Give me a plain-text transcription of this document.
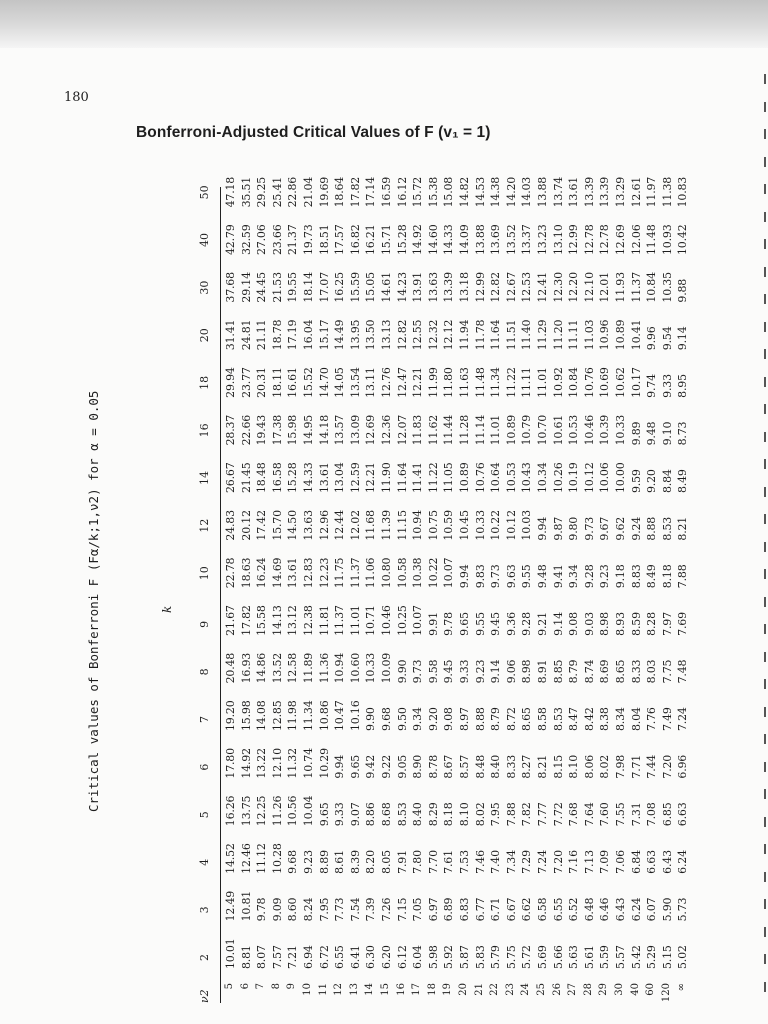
180
Bonferroni-Adjusted Critical Values of F (v₁ = 1)
Critical values of Bonferroni F (Fα/k;1,ν2) for α = 0.05	k
ν2
2
3
4
5
6
7
8
9
10
12
14
16
18
20
30
40
50
5
10.01
12.49
14.52
16.26
17.80
19.20
20.48
21.67
22.78
24.83
26.67
28.37
29.94
31.41
37.68
42.79
47.18
6
8.81
10.81
12.46
13.75
14.92
15.98
16.93
17.82
18.63
20.12
21.45
22.66
23.77
24.81
29.14
32.59
35.51
7
8.07
9.78
11.12
12.25
13.22
14.08
14.86
15.58
16.24
17.42
18.48
19.43
20.31
21.11
24.45
27.06
29.25
8
7.57
9.09
10.28
11.26
12.10
12.85
13.52
14.13
14.69
15.70
16.58
17.38
18.11
18.78
21.53
23.66
25.41
9
7.21
8.60
9.68
10.56
11.32
11.98
12.58
13.12
13.61
14.50
15.28
15.98
16.61
17.19
19.55
21.37
22.86
10
6.94
8.24
9.23
10.04
10.74
11.34
11.89
12.38
12.83
13.63
14.33
14.95
15.52
16.04
18.14
19.73
21.04
11
6.72
7.95
8.89
9.65
10.29
10.86
11.36
11.81
12.23
12.96
13.61
14.18
14.70
15.17
17.07
18.51
19.69
12
6.55
7.73
8.61
9.33
9.94
10.47
10.94
11.37
11.75
12.44
13.04
13.57
14.05
14.49
16.25
17.57
18.64
13
6.41
7.54
8.39
9.07
9.65
10.16
10.60
11.01
11.37
12.02
12.59
13.09
13.54
13.95
15.59
16.82
17.82
14
6.30
7.39
8.20
8.86
9.42
9.90
10.33
10.71
11.06
11.68
12.21
12.69
13.11
13.50
15.05
16.21
17.14
15
6.20
7.26
8.05
8.68
9.22
9.68
10.09
10.46
10.80
11.39
11.90
12.36
12.76
13.13
14.61
15.71
16.59
16
6.12
7.15
7.91
8.53
9.05
9.50
9.90
10.25
10.58
11.15
11.64
12.07
12.47
12.82
14.23
15.28
16.12
17
6.04
7.05
7.80
8.40
8.90
9.34
9.73
10.07
10.38
10.94
11.41
11.83
12.21
12.55
13.91
14.92
15.72
18
5.98
6.97
7.70
8.29
8.78
9.20
9.58
9.91
10.22
10.75
11.22
11.62
11.99
12.32
13.63
14.60
15.38
19
5.92
6.89
7.61
8.18
8.67
9.08
9.45
9.78
10.07
10.59
11.05
11.44
11.80
12.12
13.39
14.33
15.08
20
5.87
6.83
7.53
8.10
8.57
8.97
9.33
9.65
9.94
10.45
10.89
11.28
11.63
11.94
13.18
14.09
14.82
21
5.83
6.77
7.46
8.02
8.48
8.88
9.23
9.55
9.83
10.33
10.76
11.14
11.48
11.78
12.99
13.88
14.53
22
5.79
6.71
7.40
7.95
8.40
8.79
9.14
9.45
9.73
10.22
10.64
11.01
11.34
11.64
12.82
13.69
14.38
23
5.75
6.67
7.34
7.88
8.33
8.72
9.06
9.36
9.63
10.12
10.53
10.89
11.22
11.51
12.67
13.52
14.20
24
5.72
6.62
7.29
7.82
8.27
8.65
8.98
9.28
9.55
10.03
10.43
10.79
11.11
11.40
12.53
13.37
14.03
25
5.69
6.58
7.24
7.77
8.21
8.58
8.91
9.21
9.48
9.94
10.34
10.70
11.01
11.29
12.41
13.23
13.88
26
5.66
6.55
7.20
7.72
8.15
8.53
8.85
9.14
9.41
9.87
10.26
10.61
10.92
11.20
12.30
13.10
13.74
27
5.63
6.52
7.16
7.68
8.10
8.47
8.79
9.08
9.34
9.80
10.19
10.53
10.84
11.11
12.20
12.99
13.61
28
5.61
6.48
7.13
7.64
8.06
8.42
8.74
9.03
9.28
9.73
10.12
10.46
10.76
11.03
12.10
12.78
13.39
29
5.59
6.46
7.09
7.60
8.02
8.38
8.69
8.98
9.23
9.67
10.06
10.39
10.69
10.96
12.01
12.78
13.39
30
5.57
6.43
7.06
7.55
7.98
8.34
8.65
8.93
9.18
9.62
10.00
10.33
10.62
10.89
11.93
12.69
13.29
40
5.42
6.24
6.84
7.31
7.71
8.04
8.33
8.59
8.83
9.24
9.59
9.89
10.17
10.41
11.37
12.06
12.61
60
5.29
6.07
6.63
7.08
7.44
7.76
8.03
8.28
8.49
8.88
9.20
9.48
9.74
9.96
10.84
11.48
11.97
120
5.15
5.90
6.43
6.85
7.20
7.49
7.75
7.97
8.18
8.53
8.84
9.10
9.33
9.54
10.35
10.93
11.38
∞
5.02
5.73
6.24
6.63
6.96
7.24
7.48
7.69
7.88
8.21
8.49
8.73
8.95
9.14
9.88
10.42
10.83
